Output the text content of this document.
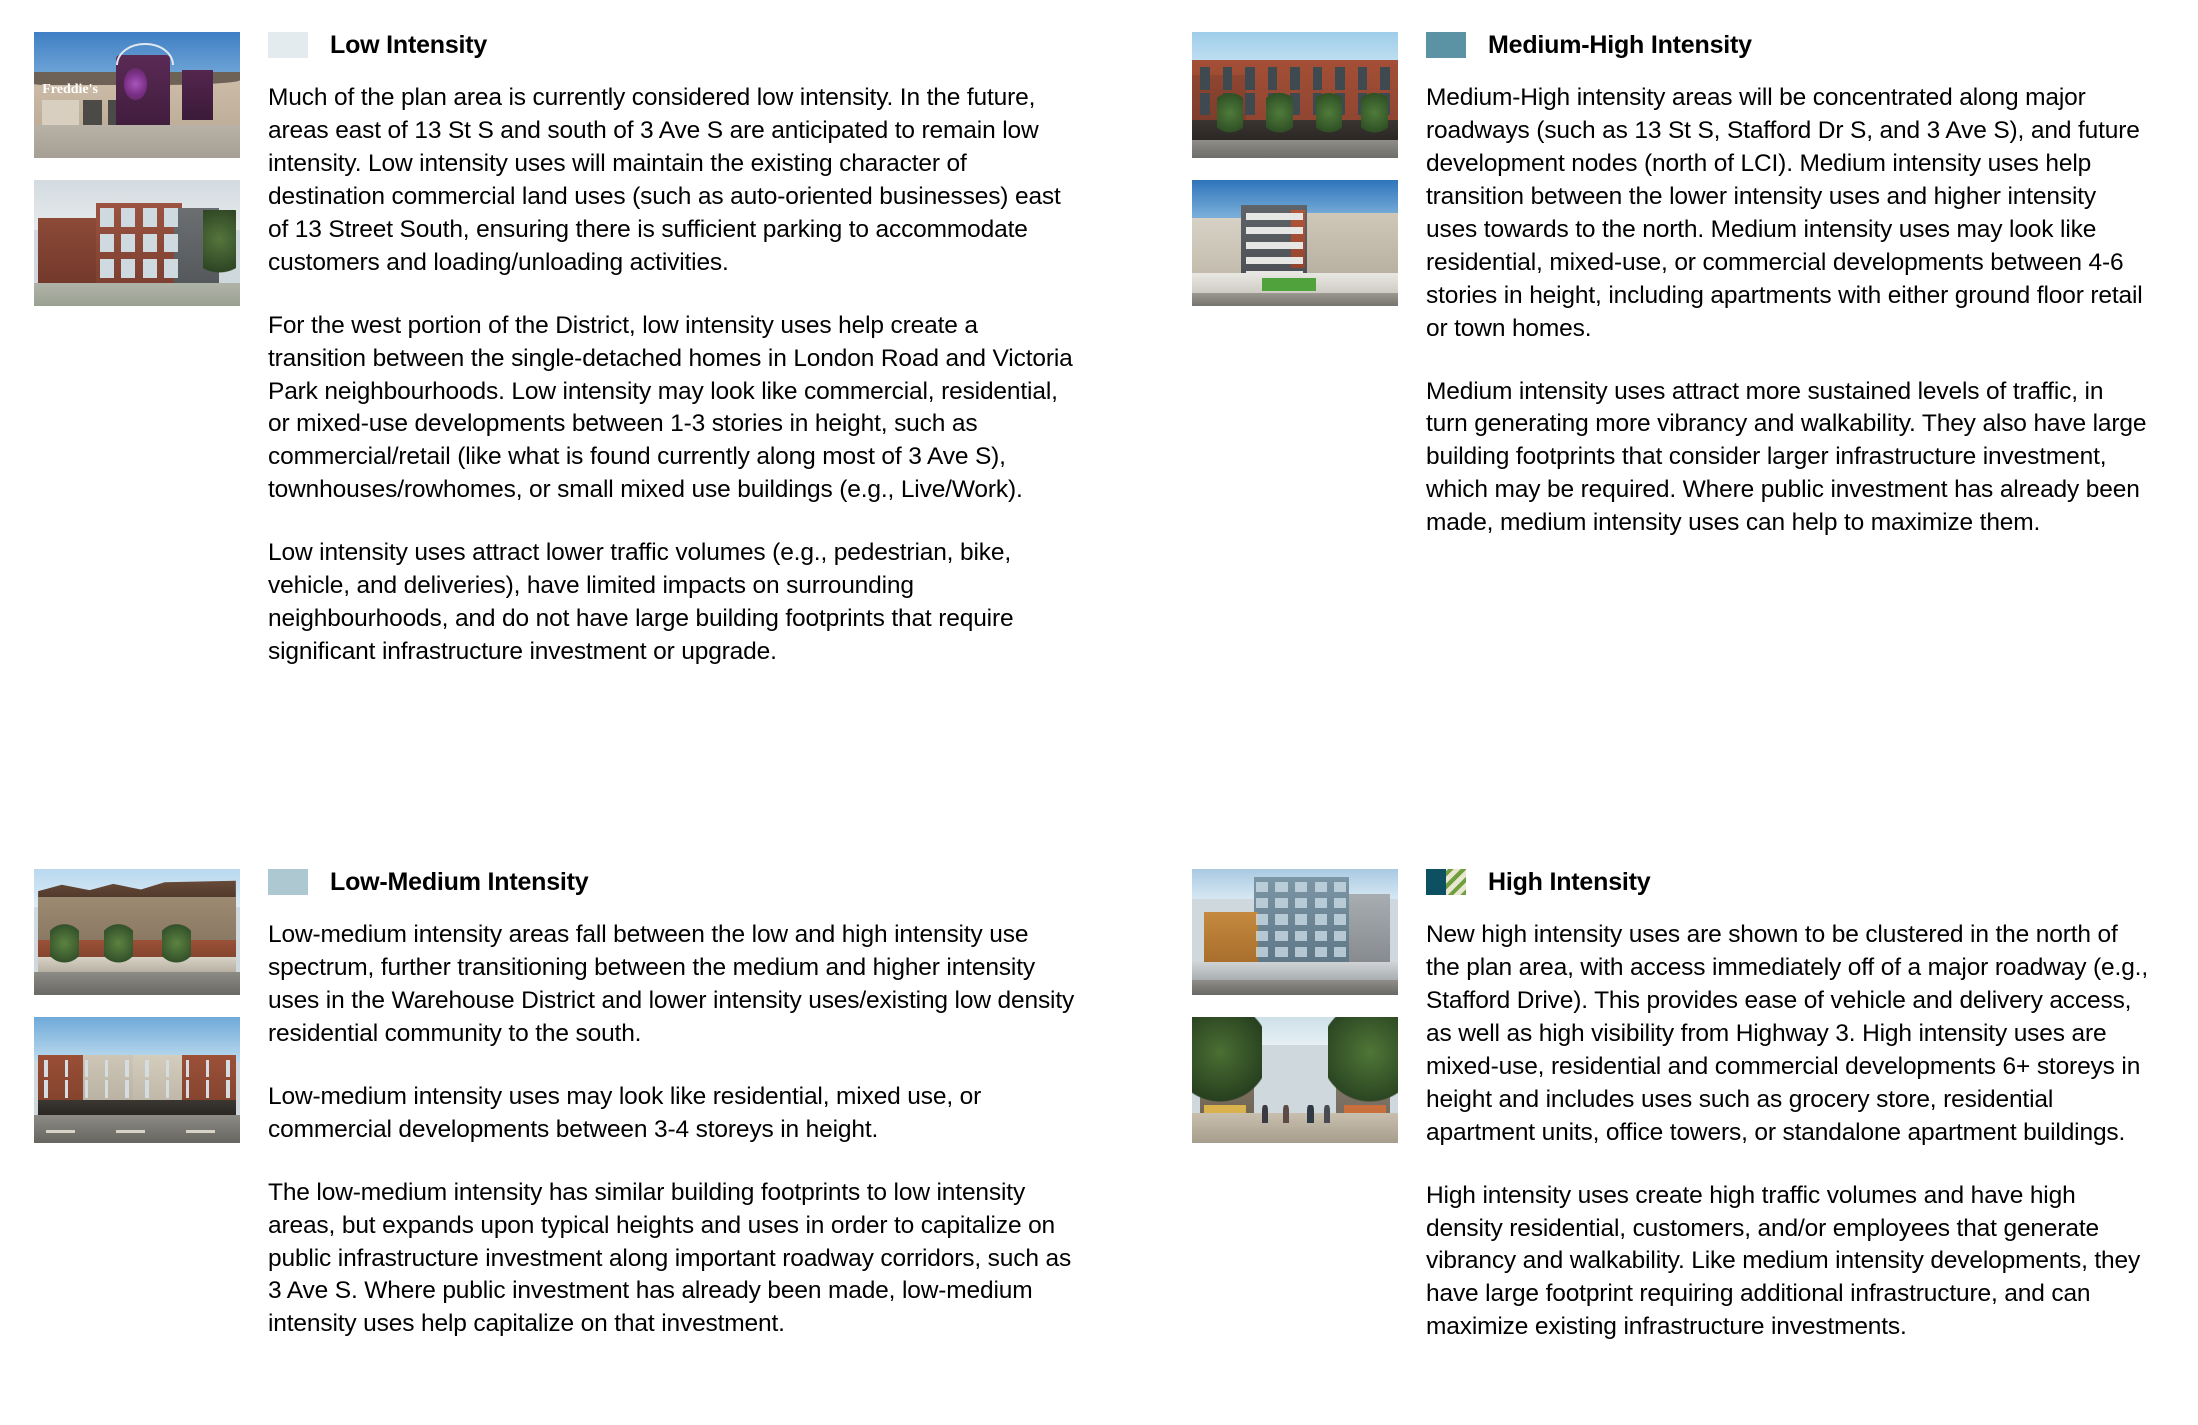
Freddie's
Low Intensity

Much of the plan area is currently considered low intensity. In the future, areas east of 13 St S and south of 3 Ave S are anticipated to remain low intensity. Low intensity uses will maintain the existing character of destination commercial land uses (such as auto-oriented businesses) east of 13 Street South, ensuring there is sufficient parking to accommodate customers and loading/unloading activities.

For the west portion of the District, low intensity uses help create a transition between the single-detached homes in London Road and Victoria Park neighbourhoods. Low intensity may look like commercial, residential, or mixed-use developments between 1-3 stories in height, such as commercial/retail (like what is found currently along most of 3 Ave S), townhouses/rowhomes, or small mixed use buildings (e.g., Live/Work).

Low intensity uses attract lower traffic volumes (e.g., pedestrian, bike, vehicle, and deliveries), have limited impacts on surrounding neighbourhoods, and do not have large building footprints that require significant infrastructure investment or upgrade.

Medium-High Intensity

Medium-High intensity areas will be concentrated along major roadways (such as 13 St S, Stafford Dr S, and 3 Ave S), and future development nodes (north of LCI). Medium intensity uses help transition between the lower intensity uses and higher intensity uses towards to the north. Medium intensity uses may look like residential, mixed-use, or commercial developments between 4-6 stories in height, including apartments with either ground floor retail or town homes.

Medium intensity uses attract more sustained levels of traffic, in turn generating more vibrancy and walkability. They also have large building footprints that consider larger infrastructure investment, which may be required. Where public investment has already been made, medium intensity uses can help to maximize them.

Low-Medium Intensity

Low-medium intensity areas fall between the low and high intensity use spectrum, further transitioning between the medium and higher intensity uses in the Warehouse District and lower intensity uses/existing low density residential community to the south.

Low-medium intensity uses may look like residential, mixed use, or commercial developments between 3-4 storeys in height.

The low-medium intensity has similar building footprints to low intensity areas, but expands upon typical heights and uses in order to capitalize on public infrastructure investment along important roadway corridors, such as 3 Ave S. Where public investment has already been made, low-medium intensity uses help capitalize on that investment.

High Intensity

New high intensity uses are shown to be clustered in the north of the plan area, with access immediately off of a major roadway (e.g., Stafford Drive). This provides ease of vehicle and delivery access, as well as high visibility from Highway 3. High intensity uses are mixed-use, residential and commercial developments 6+ storeys in height and includes uses such as grocery store, residential apartment units, office towers, or standalone apartment buildings.

High intensity uses create high traffic volumes and have high density residential, customers, and/or employees that generate vibrancy and walkability. Like medium intensity developments, they have large footprint requiring additional infrastructure, and can maximize existing infrastructure investments.
